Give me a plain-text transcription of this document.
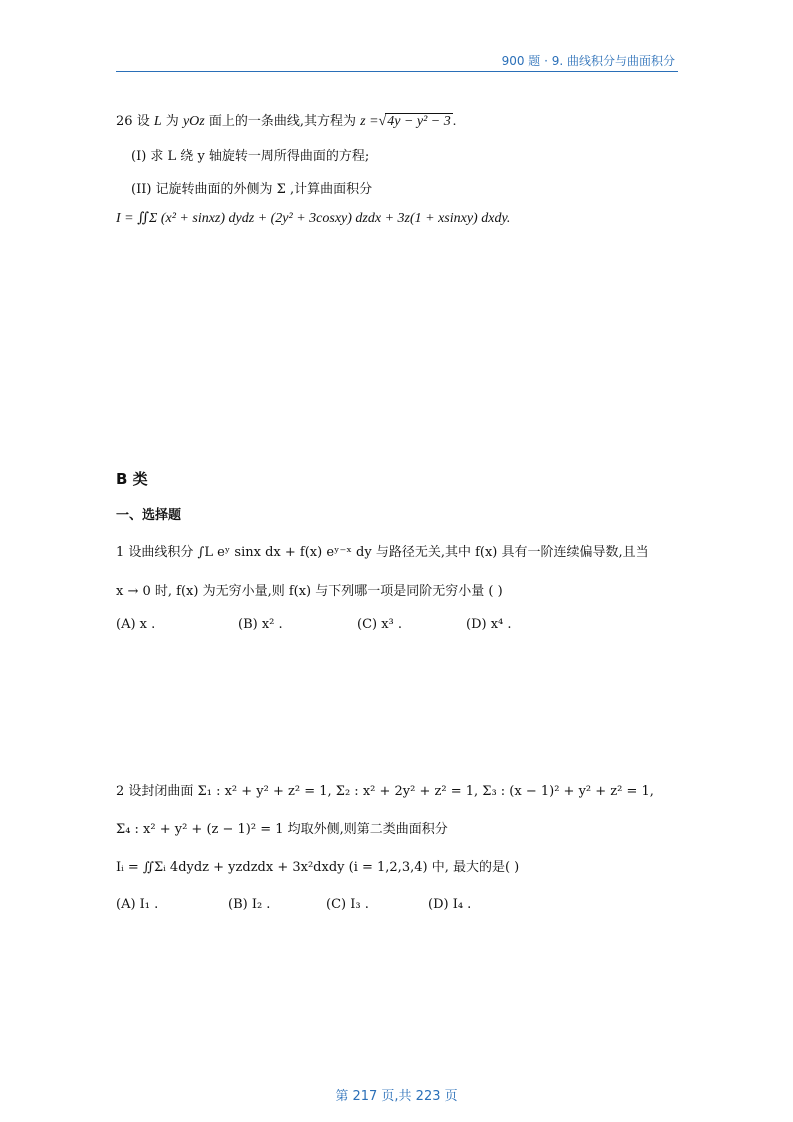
900 题 · 9. 曲线积分与曲面积分
26 设 L 为 yOz 面上的一条曲线,其方程为 z =√4y − y² − 3 .
(I) 求 L 绕 y 轴旋转一周所得曲面的方程;
(II) 记旋转曲面的外侧为 Σ ,计算曲面积分
I = ∬Σ (x² + sinxz) dydz + (2y² + 3cosxy) dzdx + 3z(1 + xsinxy) dxdy.
B 类
一、选择题
1 设曲线积分 ∫L eʸ sinx dx + f(x) eʸ⁻ˣ dy 与路径无关,其中 f(x) 具有一阶连续偏导数,且当
x → 0 时, f(x) 为无穷小量,则 f(x) 与下列哪一项是同阶无穷小量 ( )
(A) x .	(B) x² .	(C) x³ .	(D) x⁴ .
2 设封闭曲面 Σ₁ : x² + y² + z² = 1, Σ₂ : x² + 2y² + z² = 1, Σ₃ : (x − 1)² + y² + z² = 1,
Σ₄ : x² + y² + (z − 1)² = 1 均取外侧,则第二类曲面积分
Iᵢ = ∬Σᵢ 4dydz + yzdzdx + 3x²dxdy (i = 1,2,3,4) 中, 最大的是( )
(A) I₁ .	(B) I₂ .	(C) I₃ .	(D) I₄ .
第 217 页,共 223 页
